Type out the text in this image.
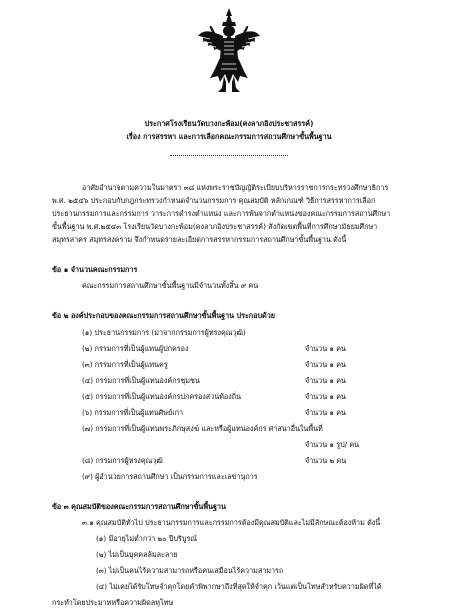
ประกาศโรงเรียนวัดบางกะพ้อม(คงลาภอิงประชาสรรค์)
เรื่อง การสรรหา และการเลือกคณะกรรมการสถานศึกษาขั้นพื้นฐาน
อาศัยอำนาจตามความในมาตรา ๓๘ แห่งพระราชบัญญัติระเบียบบริหารราชการกระทรวงศึกษาธิการ
พ.ศ. ๒๕๔๖ ประกอบกับกฎกระทรวงกำหนดจำนวนกรรมการ คุณสมบัติ หลักเกณฑ์ วิธีการสรรหาการเลือก
ประธานกรรมการและกรรมการ วาระการดำรงตำแหน่ง และการพ้นจากตำแหน่งของคณะกรรมการสถานศึกษา
ขั้นพื้นฐาน พ.ศ.๒๕๔๓ โรงเรียนวัดบางกะพ้อม(คงลาภอิงประชาสรรค์) สังกัดเขตพื้นที่การศึกษามัธยมศึกษา
สมุทรสาคร สมุทรสงคราม จึงกำหนดรายละเอียดการสรรหากรรมการสถานศึกษาขั้นพื้นฐาน ดังนี้
ข้อ ๑ จำนวนคณะกรรมการ
คณะกรรมการสถานศึกษาขั้นพื้นฐานมีจำนวนทั้งสิ้น ๙ คน
ข้อ ๒ องค์ประกอบของคณะกรรมการสถานศึกษาขั้นพื้นฐาน ประกอบด้วย
(๑) ประธานกรรมการ (มาจากกรรมการผู้ทรงคุณวุฒิ)
(๒) กรรมการที่เป็นผู้แทนผู้ปกครอง	จำนวน ๑ คน
(๓) กรรมการที่เป็นผู้แทนครู	จำนวน ๑ คน
(๔) กรรมการที่เป็นผู้แทนองค์กรชุมชน	จำนวน ๑ คน
(๕) กรรมการที่เป็นผู้แทนองค์กรปกครองส่วนท้องถิ่น	จำนวน ๑ คน
(๖) กรรมการที่เป็นผู้แทนศิษย์เก่า	จำนวน ๑ คน
(๗) กรรมการที่เป็นผู้แทนพระภิกษุสงฆ์ และหรือผู้แทนองค์กร ศาสนาอื่นในพื้นที่
จำนวน ๑ รูป/ คน
(๘) กรรมการผู้ทรงคุณวุฒิ	จำนวน ๒ คน
(๙) ผู้อำนวยการสถานศึกษา เป็นกรรมการและเลขานุการ
ข้อ ๓ คุณสมบัติของคณะกรรมการสถานศึกษาขั้นพื้นฐาน
๓.๑ คุณสมบัติทั่วไป ประธานกรรมการและกรรมการต้องมีคุณสมบัติและไม่มีลักษณะต้องห้าม ดังนี้
(๑) มีอายุไม่ต่ำกว่า ๒๐ ปีบริบูรณ์
(๒) ไม่เป็นบุคคลล้มละลาย
(๓) ไม่เป็นคนไร้ความสามารถหรือคนเสมือนไร้ความสามารถ
(๔) ไม่เคยได้รับโทษจำคุกโดยคำพิพากษาถึงที่สุดให้จำคุก เว้นแต่เป็นโทษสำหรับความผิดที่ได้
กระทำโดยประมาทหรือความผิดลหุโทษ
